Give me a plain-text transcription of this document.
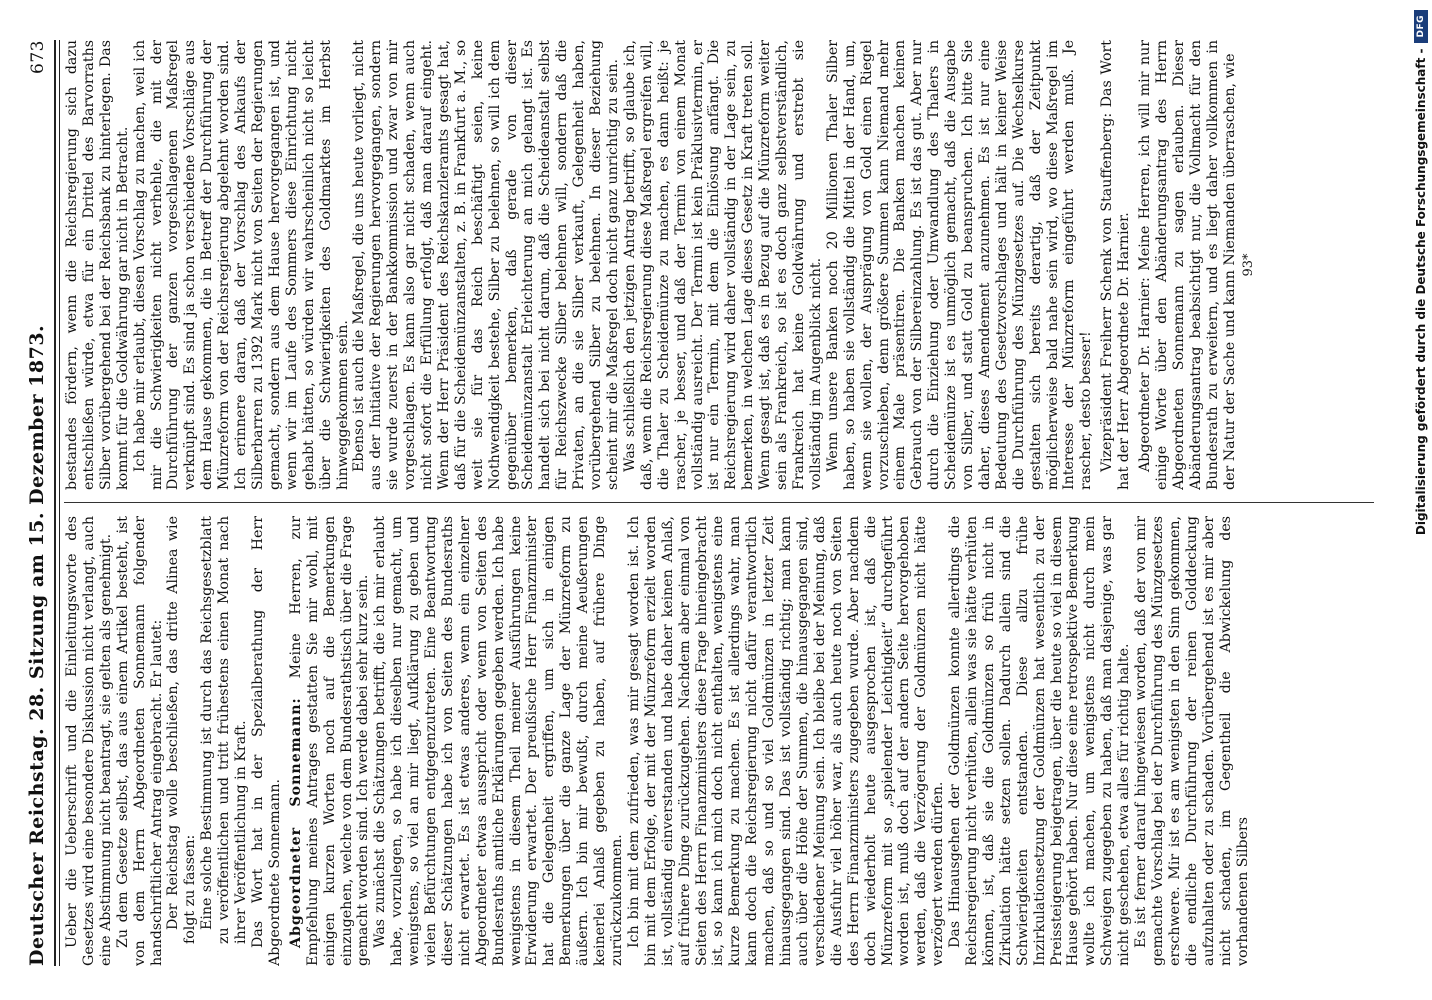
Deutscher Reichstag. 28. Sitzung am 15. Dezember 1873.
673

Ueber die Ueberschrift und die Einleitungsworte des Gesetzes wird eine besondere Diskussion nicht verlangt, auch eine Abstimmung nicht beantragt, sie gelten als genehmigt. Zu dem Gesetze selbst, das aus einem Artikel besteht, ist von dem Herrn Abgeordneten Sonnemann folgender handschriftlicher Antrag eingebracht. Er lautet: Der Reichstag wolle beschließen, das dritte Alinea wie folgt zu fassen: Eine solche Bestimmung ist durch das Reichsgesetzblatt zu veröffentlichen und tritt frühestens einen Monat nach ihrer Veröffentlichung in Kraft. Das Wort hat in der Spezialberathung der Herr Abgeordnete Sonnemann. Abgeordneter Sonnemann: Meine Herren, zur Empfehlung meines Antrages gestatten Sie mir wohl, mit einigen kurzen Worten noch auf die Bemerkungen einzugehen, welche von dem Bundesrathstisch über die Frage gemacht worden sind. Ich werde dabei sehr kurz sein. Was zunächst die Schätzungen betrifft, die ich mir erlaubt habe, vorzulegen, so habe ich dieselben nur gemacht, um wenigstens, so viel an mir liegt, Aufklärung zu geben und vielen Befürchtungen entgegenzutreten. Eine Beantwortung dieser Schätzungen habe ich von Seiten des Bundesraths nicht erwartet. Es ist etwas anderes, wenn ein einzelner Abgeordneter etwas ausspricht oder wenn von Seiten des Bundesraths amtliche Erklärungen gegeben werden. Ich habe wenigstens in diesem Theil meiner Ausführungen keine Erwiderung erwartet. Der preußische Herr Finanzminister hat die Gelegenheit ergriffen, um sich in einigen Bemerkungen über die ganze Lage der Münzreform zu äußern. Ich bin mir bewußt, durch meine Aeußerungen keinerlei Anlaß gegeben zu haben, auf frühere Dinge zurückzukommen. Ich bin mit dem zufrieden, was mir gesagt worden ist. Ich bin mit dem Erfolge, der mit der Münzreform erzielt worden ist, vollständig einverstanden und habe daher keinen Anlaß, auf frühere Dinge zurückzugehen. Nachdem aber einmal von Seiten des Herrn Finanzministers diese Frage hineingebracht ist, so kann ich mich doch nicht enthalten, wenigstens eine kurze Bemerkung zu machen. Es ist allerdings wahr, man kann doch die Reichsregierung nicht dafür verantwortlich machen, daß so und so viel Goldmünzen in letzter Zeit hinausgegangen sind. Das ist vollständig richtig; man kann auch über die Höhe der Summen, die hinausgegangen sind, verschiedener Meinung sein. Ich bleibe bei der Meinung, daß die Ausfuhr viel höher war, als auch heute noch von Seiten des Herrn Finanzministers zugegeben wurde. Aber nachdem doch wiederholt heute ausgesprochen ist, daß die Münzreform mit so „spielender Leichtigkeit“ durchgeführt worden ist, muß doch auf der andern Seite hervorgehoben werden, daß die Verzögerung der Goldmünzen nicht hätte verzögert werden dürfen. Das Hinausgehen der Goldmünzen konnte allerdings die Reichsregierung nicht verhüten, allein was sie hätte verhüten können, ist, daß sie die Goldmünzen so früh nicht in Zirkulation hätte setzen sollen. Dadurch allein sind die Schwierigkeiten entstanden. Diese allzu frühe Inzirkulationsetzung der Goldmünzen hat wesentlich zu der Preissteigerung beigetragen, über die heute so viel in diesem Hause gehört haben. Nur diese eine retrospektive Bemerkung wollte ich machen, um wenigstens nicht durch mein Schweigen zugegeben zu haben, daß man dasjenige, was gar nicht geschehen, etwa alles für richtig halte. Es ist ferner darauf hingewiesen worden, daß der von mir gemachte Vorschlag bei der Durchführung des Münzgesetzes erschwere. Mir ist es am wenigsten in den Sinn gekommen, die endliche Durchführung der reinen Golddeckung aufzuhalten oder zu schaden. Vorübergehend ist es mir aber nicht schaden, im Gegentheil die Abwickelung des vorhandenen Silbers

bestandes fördern, wenn die Reichsregierung sich dazu entschließen würde, etwa für ein Drittel des Barvorraths Silber vorübergehend bei der Reichsbank zu hinterlegen. Das kommt für die Goldwährung gar nicht in Betracht. Ich habe mir erlaubt, diesen Vorschlag zu machen, weil ich mir die Schwierigkeiten nicht verhehle, die mit der Durchführung der ganzen vorgeschlagenen Maßregel verknüpft sind. Es sind ja schon verschiedene Vorschläge aus dem Hause gekommen, die in Betreff der Durchführung der Münzreform von der Reichsregierung abgelehnt worden sind. Ich erinnere daran, daß der Vorschlag des Ankaufs der Silberbarren zu 1392 Mark nicht von Seiten der Regierungen gemacht, sondern aus dem Hause hervorgegangen ist, und wenn wir im Laufe des Sommers diese Einrichtung nicht gehabt hätten, so würden wir wahrscheinlich nicht so leicht über die Schwierigkeiten des Goldmarktes im Herbst hinweggekommen sein. Ebenso ist auch die Maßregel, die uns heute vorliegt, nicht aus der Initiative der Regierungen hervorgegangen, sondern sie wurde zuerst in der Bankkommission und zwar von mir vorgeschlagen. Es kann also gar nicht schaden, wenn auch nicht sofort die Erfüllung erfolgt, daß man darauf eingeht. Wenn der Herr Präsident des Reichskanzleramts gesagt hat, daß für die Scheidemünzanstalten, z. B. in Frankfurt a. M., so weit sie für das Reich beschäftigt seien, keine Nothwendigkeit bestehe, Silber zu belehnen, so will ich dem gegenüber bemerken, daß gerade von dieser Scheidemünzanstalt Erleichterung an mich gelangt ist. Es handelt sich bei nicht darum, daß die Scheideanstalt selbst für Reichszwecke Silber belehnen will, sondern daß die Privaten, an die sie Silber verkauft, Gelegenheit haben, vorübergehend Silber zu belehnen. In dieser Beziehung scheint mir die Maßregel doch nicht ganz unrichtig zu sein. Was schließlich den jetzigen Antrag betrifft, so glaube ich, daß, wenn die Reichsregierung diese Maßregel ergreifen will, die Thaler zu Scheidemünze zu machen, es dann heißt: je rascher, je besser, und daß der Termin von einem Monat vollständig ausreicht. Der Termin ist kein Präklusivtermin, er ist nur ein Termin, mit dem die Einlösung anfängt. Die Reichsregierung wird daher vollständig in der Lage sein, zu bemerken, in welchen Lage dieses Gesetz in Kraft treten soll. Wenn gesagt ist, daß es in Bezug auf die Münzreform weiter sein als Frankreich, so ist es doch ganz selbstverständlich, Frankreich hat keine Goldwährung und erstrebt sie vollständig im Augenblick nicht. Wenn unsere Banken noch 20 Millionen Thaler Silber haben, so haben sie vollständig die Mittel in der Hand, um, wenn sie wollen, der Ausprägung von Gold einen Riegel vorzuschieben, denn größere Summen kann Niemand mehr einem Male präsentiren. Die Banken machen keinen Gebrauch von der Silbereinzahlung. Es ist das gut. Aber nur durch die Einziehung oder Umwandlung des Thalers in Scheidemünze ist es unmöglich gemacht, daß die Ausgabe von Silber, und statt Gold zu beanspruchen. Ich bitte Sie daher, dieses Amendement anzunehmen. Es ist nur eine Bedeutung des Gesetzvorschlages und hält in keiner Weise die Durchführung des Münzgesetzes auf. Die Wechselkurse gestalten sich bereits derartig, daß der Zeitpunkt möglicherweise bald nahe sein wird, wo diese Maßregel im Interesse der Münzreform eingeführt werden muß. Je rascher, desto besser! Vizepräsident Freiherr Schenk von Stauffenberg: Das Wort hat der Herr Abgeordnete Dr. Harnier. Abgeordneter Dr. Harnier: Meine Herren, ich will mir nur einige Worte über den Abänderungsantrag des Herrn Abgeordneten Sonnemann zu sagen erlauben. Dieser Abänderungsantrag beabsichtigt nur, die Vollmacht für den Bundesrath zu erweitern, und es liegt daher vollkommen in der Natur der Sache und kann Niemanden überraschen, wie 93*	Digitalisierung gefördert durch die Deutsche Forschungsgemeinschaft -
DFG
